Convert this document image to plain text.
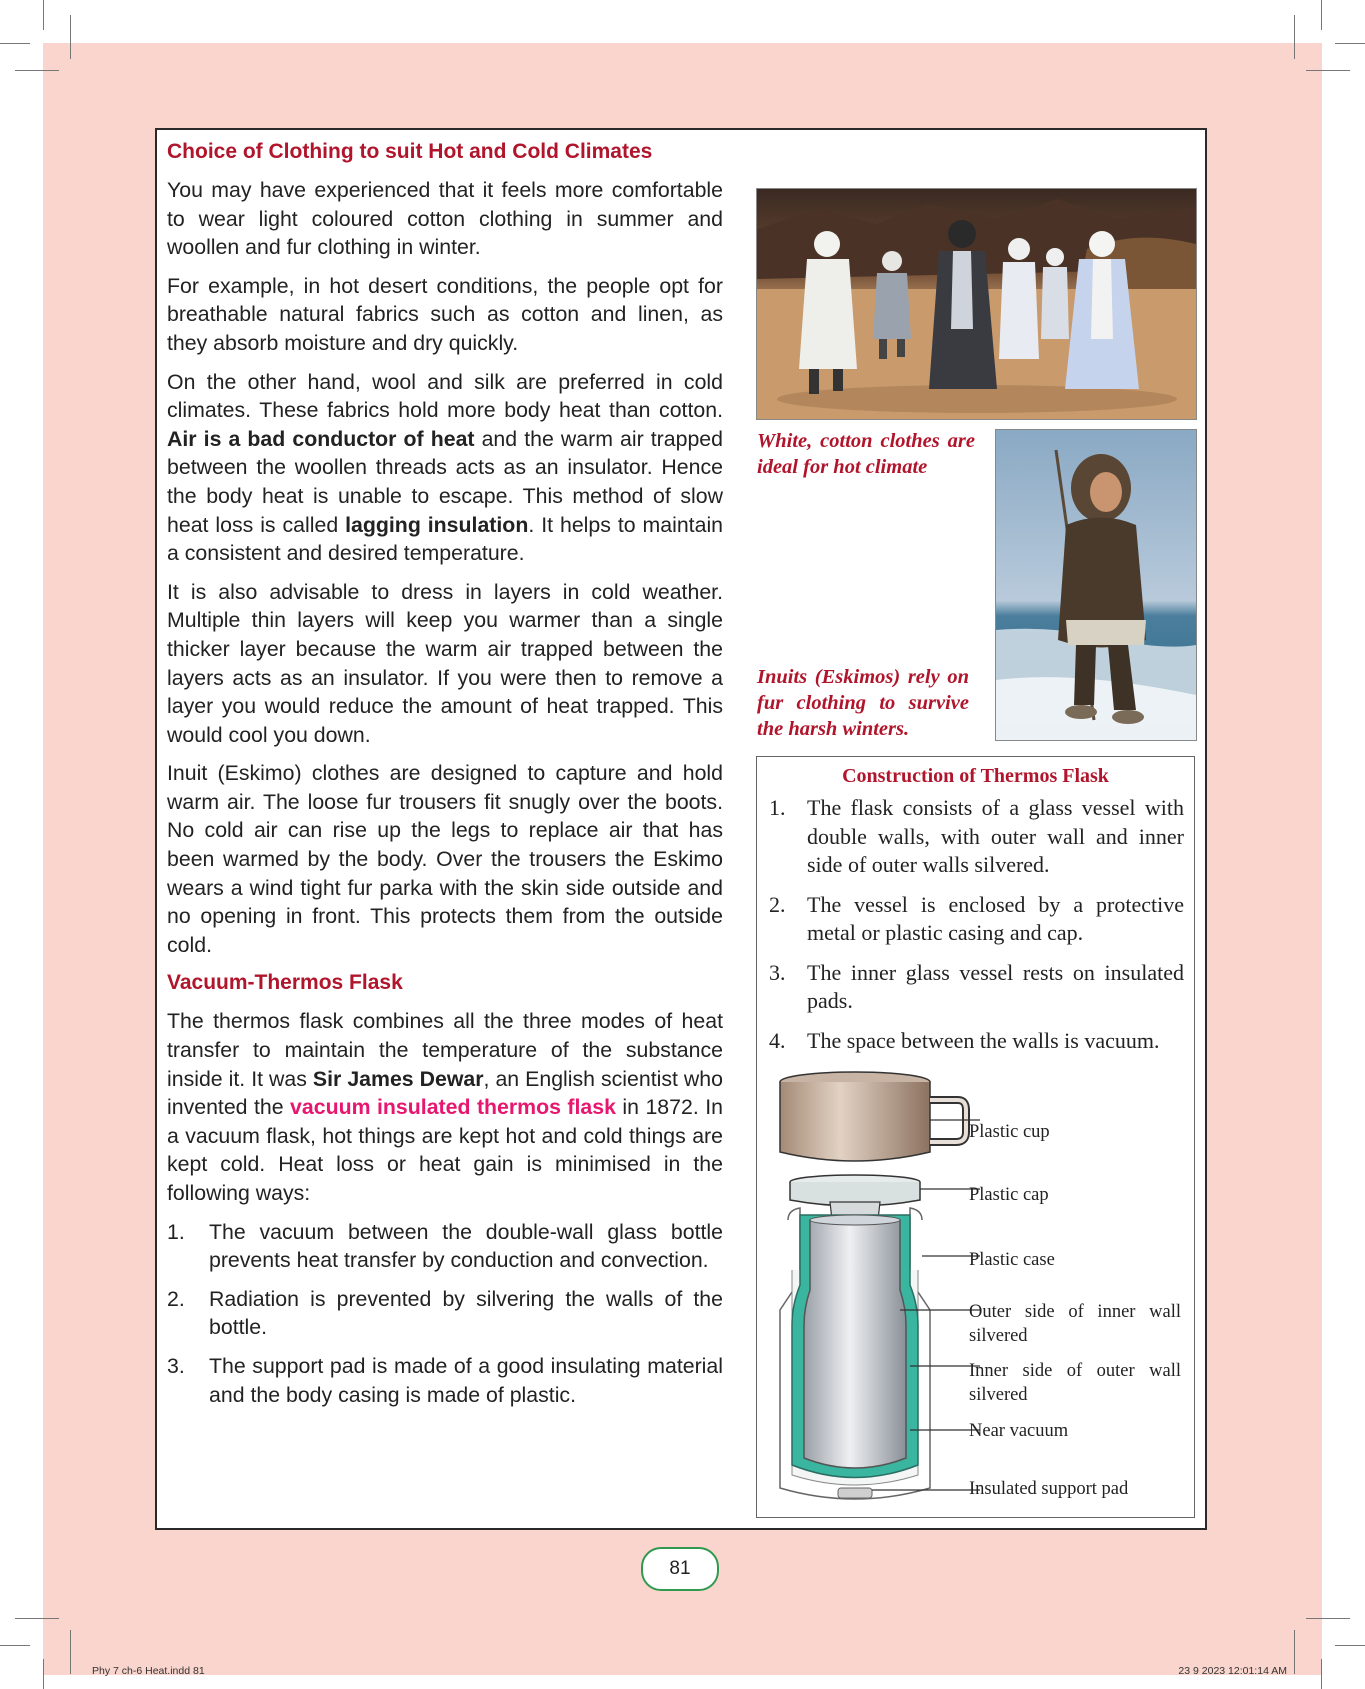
Choice of Clothing to suit Hot and Cold Climates

You may have experienced that it feels more comfortable to wear light coloured cotton clothing in summer and woollen and fur clothing in winter.

For example, in hot desert conditions, the people opt for breathable natural fabrics such as cotton and linen, as they absorb moisture and dry quickly.

On the other hand, wool and silk are preferred in cold climates. These fabrics hold more body heat than cotton. Air is a bad conductor of heat and the warm air trapped between the woollen threads acts as an insulator. Hence the body heat is unable to escape. This method of slow heat loss is called lagging insulation. It helps to maintain a consistent and desired temperature.

It is also advisable to dress in layers in cold weather. Multiple thin layers will keep you warmer than a single thicker layer because the warm air trapped between the layers acts as an insulator. If you were then to remove a layer you would reduce the amount of heat trapped. This would cool you down.

Inuit (Eskimo) clothes are designed to capture and hold warm air. The loose fur trousers fit snugly over the boots. No cold air can rise up the legs to replace air that has been warmed by the body. Over the trousers the Eskimo wears a wind tight fur parka with the skin side outside and no opening in front. This protects them from the outside cold.

Vacuum-Thermos Flask

The thermos flask combines all the three modes of heat transfer to maintain the temperature of the substance inside it. It was Sir James Dewar, an English scientist who invented the vacuum insulated thermos flask in 1872. In a vacuum flask, hot things are kept hot and cold things are kept cold. Heat loss or heat gain is minimised in the following ways:

1. The vacuum between the double-wall glass bottle prevents heat transfer by conduction and convection.
2. Radiation is prevented by silvering the walls of the bottle.
3. The support pad is made of a good insulating material and the body casing is made of plastic.
White, cotton clothes are ideal for hot climate
Inuits (Eskimos) rely on fur clothing to survive the harsh winters.
Construction of Thermos Flask
1. The flask consists of a glass vessel with double walls, with outer wall and inner side of outer walls silvered.
2. The vessel is enclosed by a protective metal or plastic casing and cap.
3. The inner glass vessel rests on insulated pads.
4. The space between the walls is vacuum.
Plastic cup
Plastic cap
Plastic case
Outer side of inner wall silvered
Inner side of outer wall silvered
Near vacuum
Insulated support pad
81
Phy 7 ch-6 Heat.indd 81	23 9 2023 12:01:14 AM
